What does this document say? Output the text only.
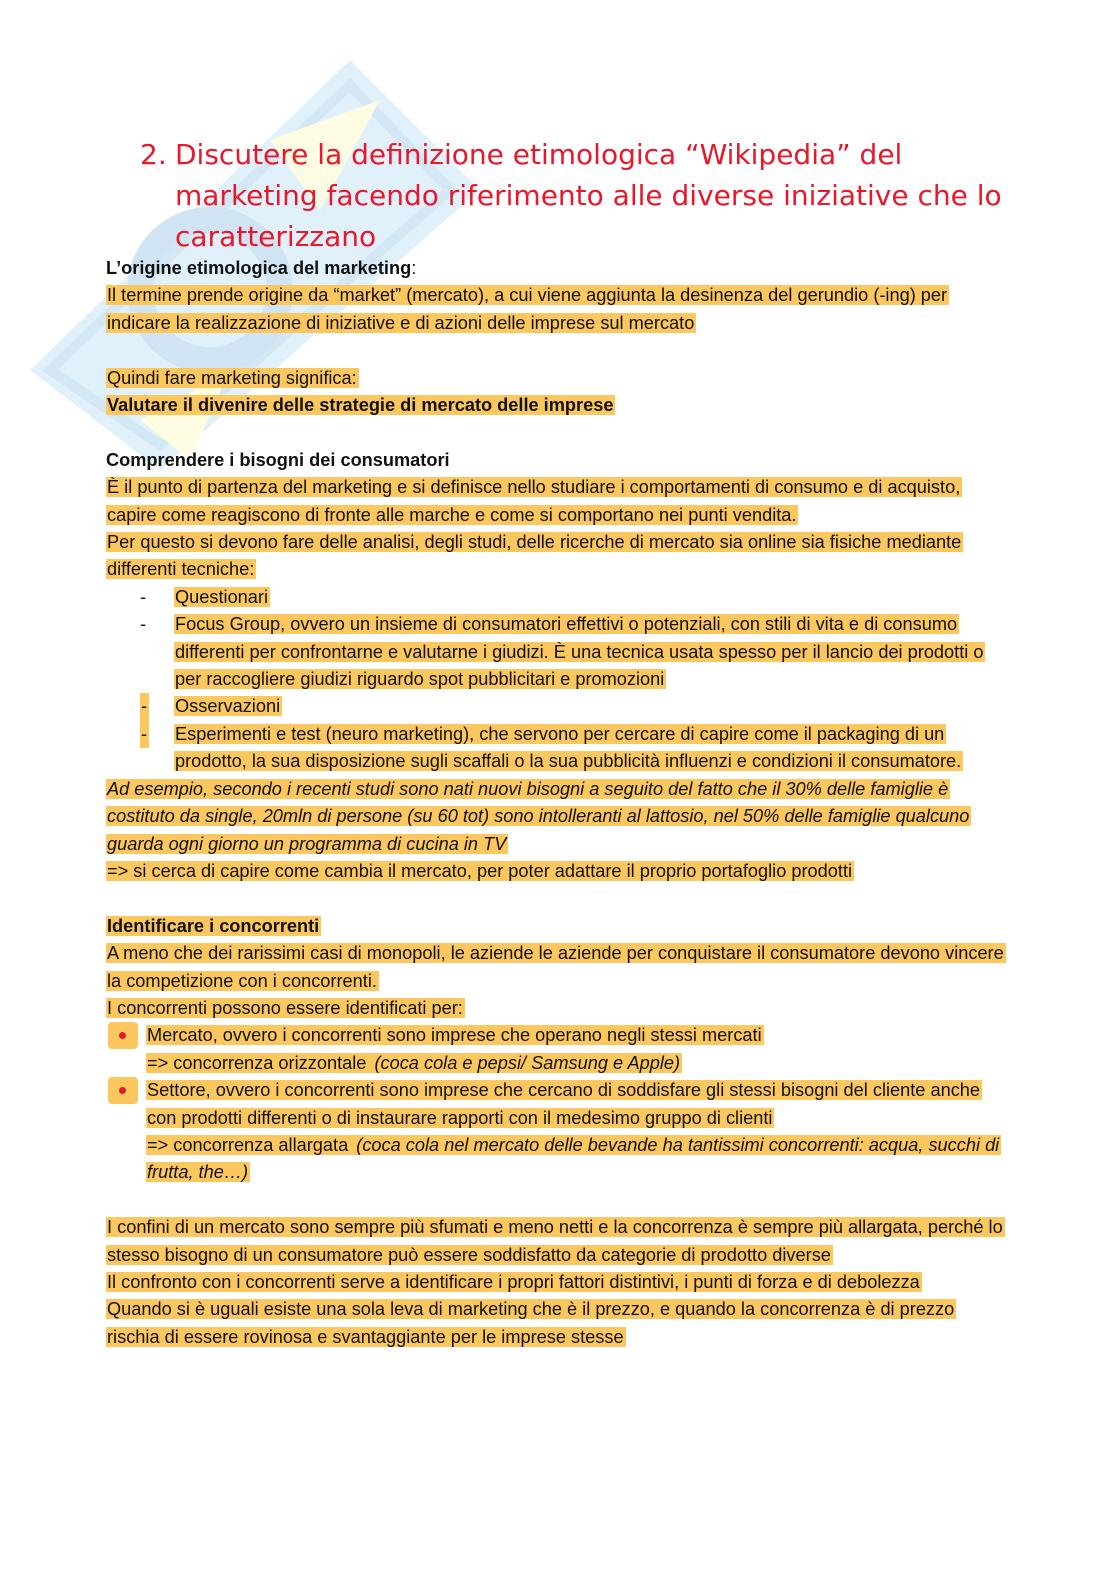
2. Discutere la definizione etimologica “Wikipedia” del marketing facendo riferimento alle diverse iniziative che lo caratterizzano

L’origine etimologica del marketing:

Il termine prende origine da “market” (mercato), a cui viene aggiunta la desinenza del gerundio (-ing) per indicare la realizzazione di iniziative e di azioni delle imprese sul mercato

Quindi fare marketing significa:

Valutare il divenire delle strategie di mercato delle imprese

Comprendere i bisogni dei consumatori

È il punto di partenza del marketing e si definisce nello studiare i comportamenti di consumo e di acquisto, capire come reagiscono di fronte alle marche e come si comportano nei punti vendita.

Per questo si devono fare delle analisi, degli studi, delle ricerche di mercato sia online sia fisiche mediante differenti tecniche:

- Questionari

- Focus Group, ovvero un insieme di consumatori effettivi o potenziali, con stili di vita e di consumo differenti per confrontarne e valutarne i giudizi. È una tecnica usata spesso per il lancio dei prodotti o per raccogliere giudizi riguardo spot pubblicitari e promozioni

- Osservazioni

- Esperimenti e test (neuro marketing), che servono per cercare di capire come il packaging di un prodotto, la sua disposizione sugli scaffali o la sua pubblicità influenzi e condizioni il consumatore.

Ad esempio, secondo i recenti studi sono nati nuovi bisogni a seguito del fatto che il 30% delle famiglie è costituto da single, 20mln di persone (su 60 tot) sono intolleranti al lattosio, nel 50% delle famiglie qualcuno guarda ogni giorno un programma di cucina in TV

=> si cerca di capire come cambia il mercato, per poter adattare il proprio portafoglio prodotti

Identificare i concorrenti

A meno che dei rarissimi casi di monopoli, le aziende le aziende per conquistare il consumatore devono vincere la competizione con i concorrenti.

I concorrenti possono essere identificati per:

Mercato, ovvero i concorrenti sono imprese che operano negli stessi mercati
=> concorrenza orizzontale (coca cola e pepsi/ Samsung e Apple)
Settore, ovvero i concorrenti sono imprese che cercano di soddisfare gli stessi bisogni del cliente anche con prodotti differenti o di instaurare rapporti con il medesimo gruppo di clienti
=> concorrenza allargata (coca cola nel mercato delle bevande ha tantissimi concorrenti: acqua, succhi di frutta, the…)

I confini di un mercato sono sempre più sfumati e meno netti e la concorrenza è sempre più allargata, perché lo stesso bisogno di un consumatore può essere soddisfatto da categorie di prodotto diverse

Il confronto con i concorrenti serve a identificare i propri fattori distintivi, i punti di forza e di debolezza

Quando si è uguali esiste una sola leva di marketing che è il prezzo, e quando la concorrenza è di prezzo rischia di essere rovinosa e svantaggiante per le imprese stesse
